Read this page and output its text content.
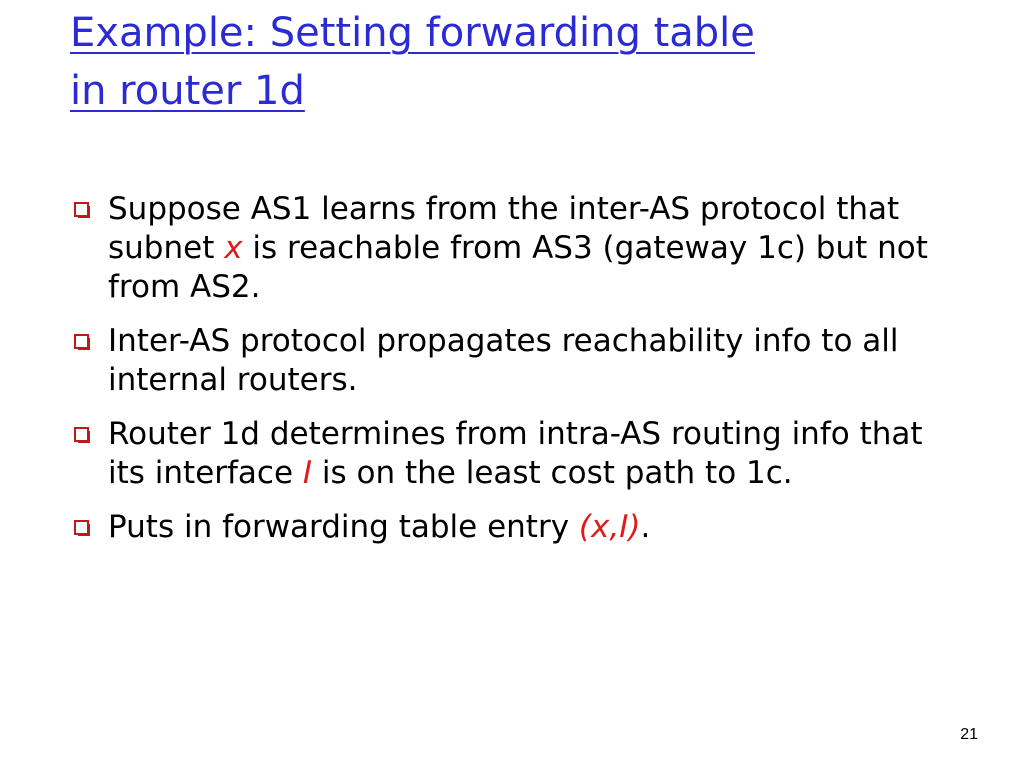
Example: Setting forwarding table
in router 1d
Suppose AS1 learns from the inter-AS protocol that subnet x is reachable from AS3 (gateway 1c) but not from AS2.
Inter-AS protocol propagates reachability info to all internal routers.
Router 1d determines from intra-AS routing info that its interface I is on the least cost path to 1c.
Puts in forwarding table entry (x,I).
21
